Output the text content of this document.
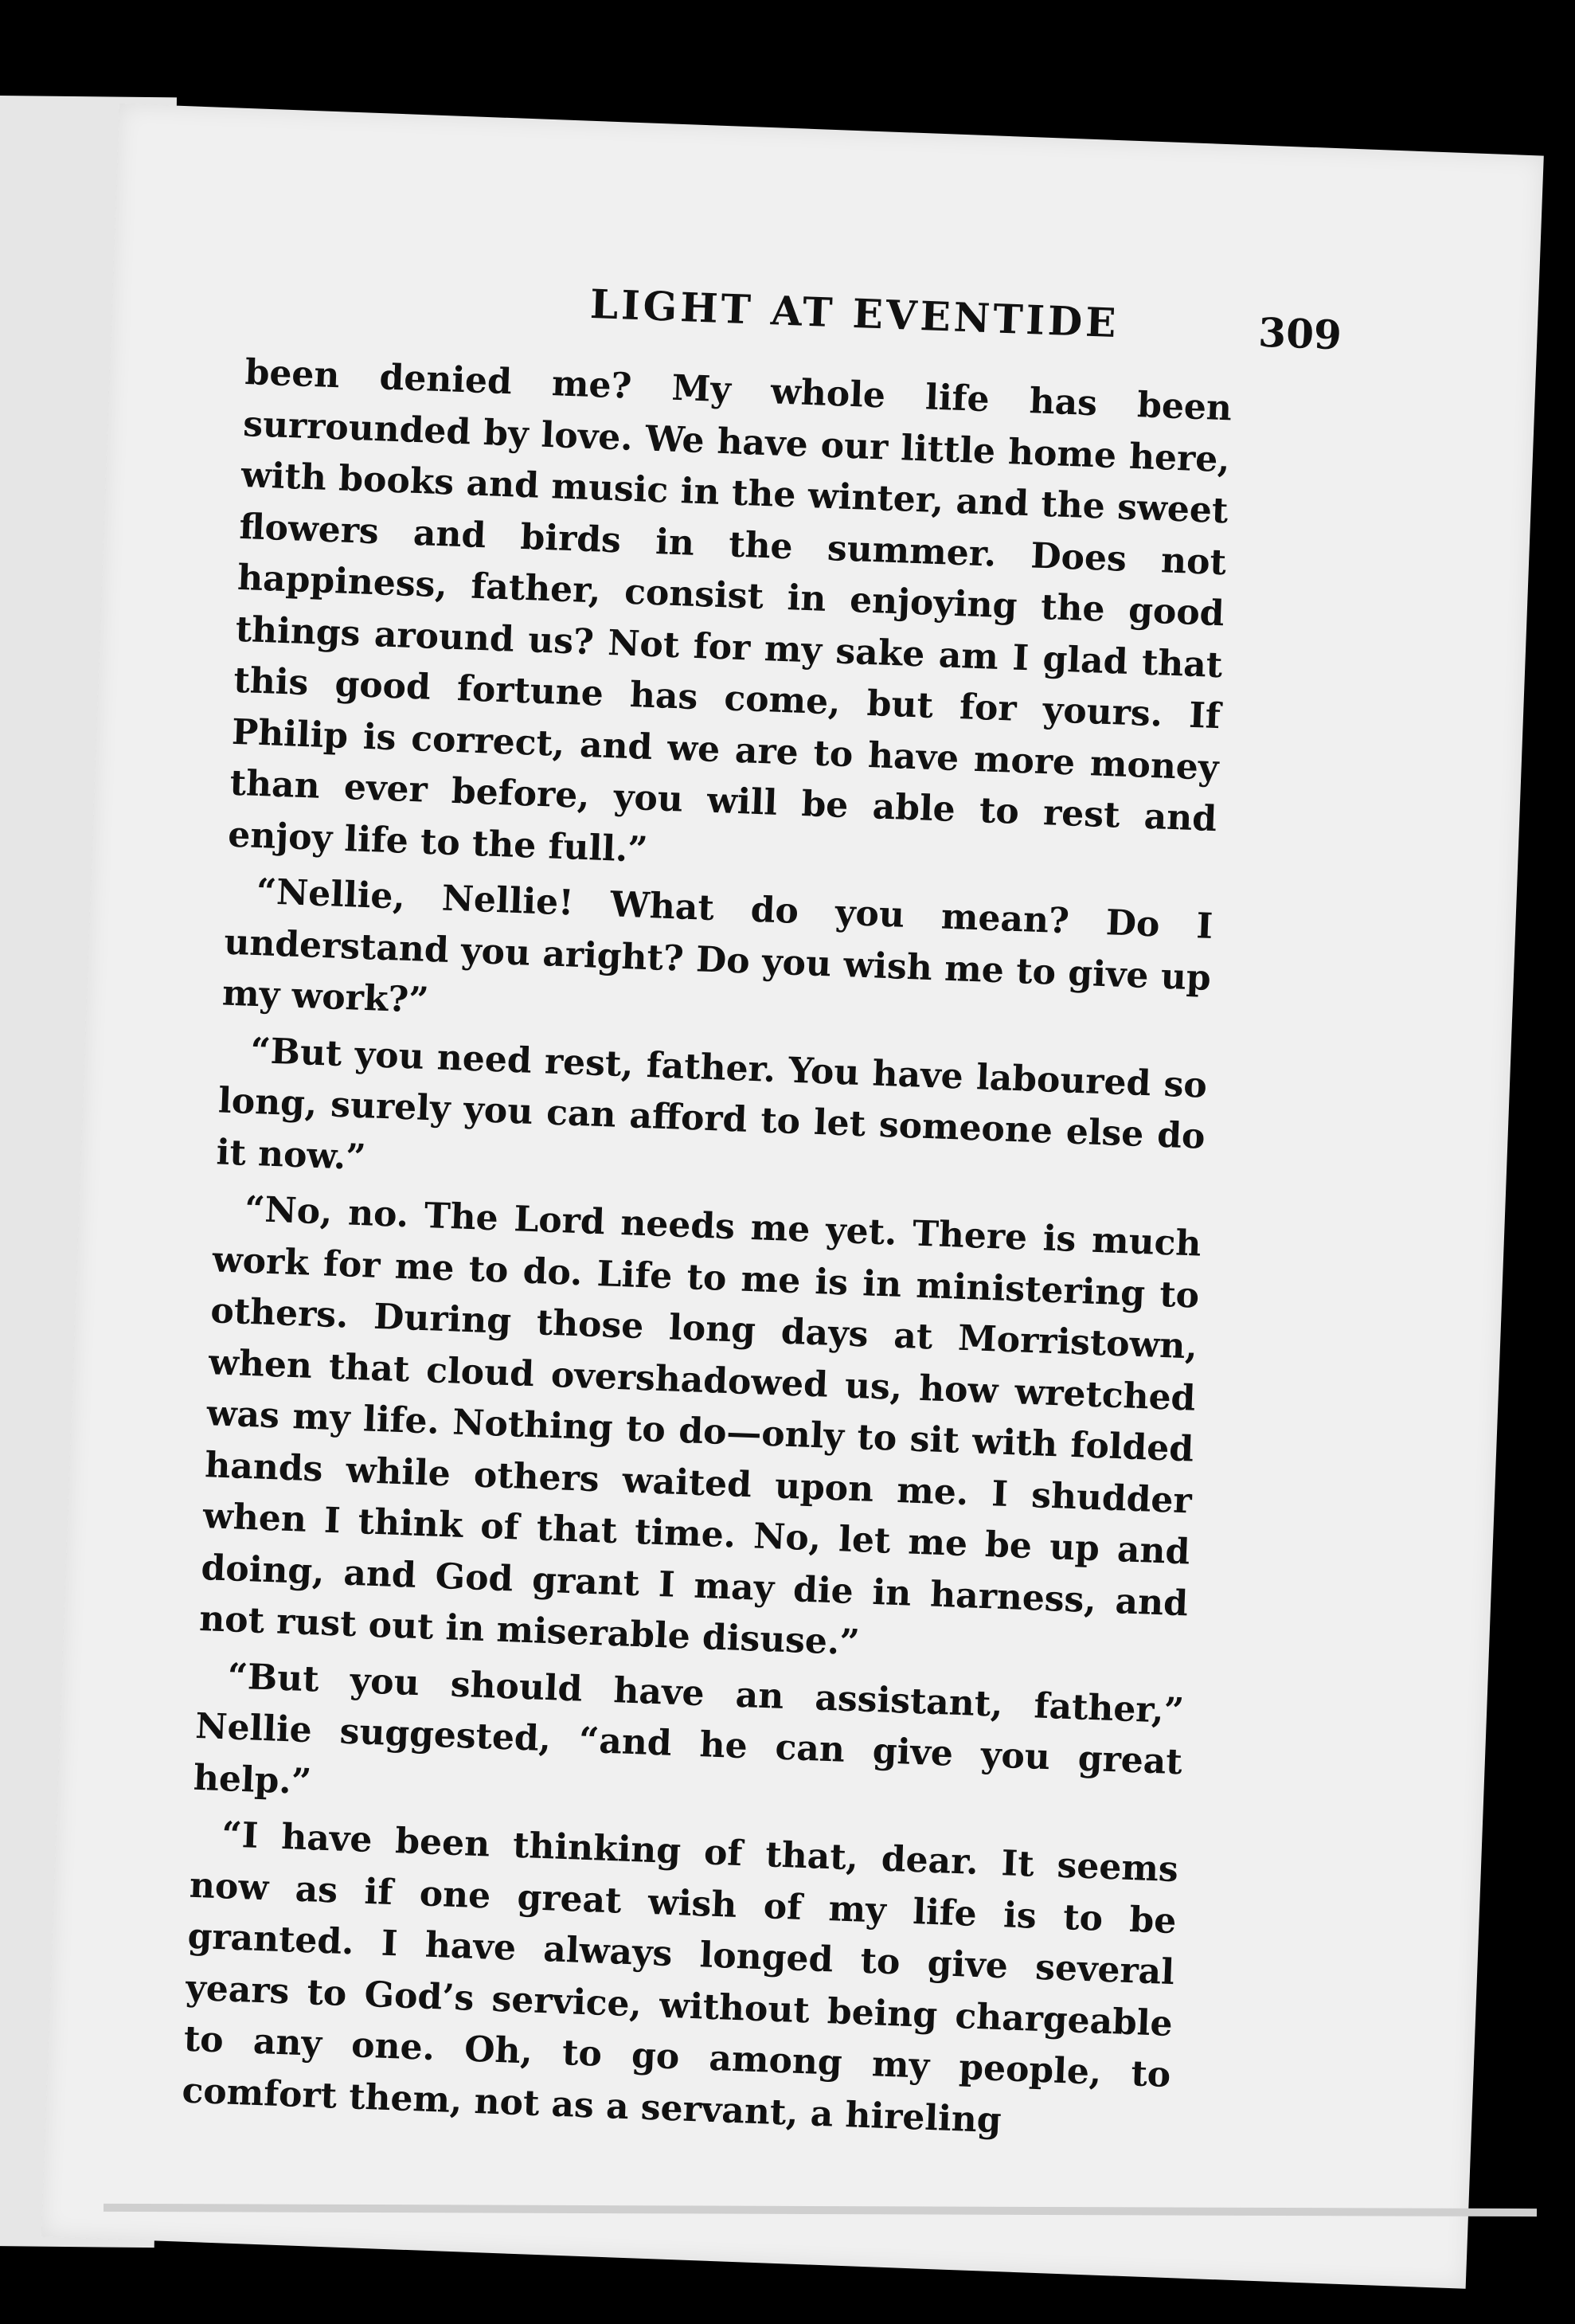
LIGHT AT EVENTIDE	309

been denied me? My whole life has been surrounded by love. We have our little home here, with books and music in the winter, and the sweet flowers and birds in the summer. Does not happiness, father, consist in enjoying the good things around us? Not for my sake am I glad that this good fortune has come, but for yours. If Philip is correct, and we are to have more money than ever before, you will be able to rest and enjoy life to the full.”

“Nellie, Nellie! What do you mean? Do I understand you aright? Do you wish me to give up my work?”

“But you need rest, father. You have laboured so long, surely you can afford to let someone else do it now.”

“No, no. The Lord needs me yet. There is much work for me to do. Life to me is in ministering to others. During those long days at Morristown, when that cloud overshadowed us, how wretched was my life. Nothing to do—only to sit with folded hands while others waited upon me. I shudder when I think of that time. No, let me be up and doing, and God grant I may die in harness, and not rust out in miserable disuse.”

“But you should have an assistant, father,” Nellie suggested, “and he can give you great help.”

“I have been thinking of that, dear. It seems now as if one great wish of my life is to be granted. I have always longed to give several years to God’s service, without being chargeable to any one. Oh, to go among my people, to comfort them, not as a servant, a hireling
